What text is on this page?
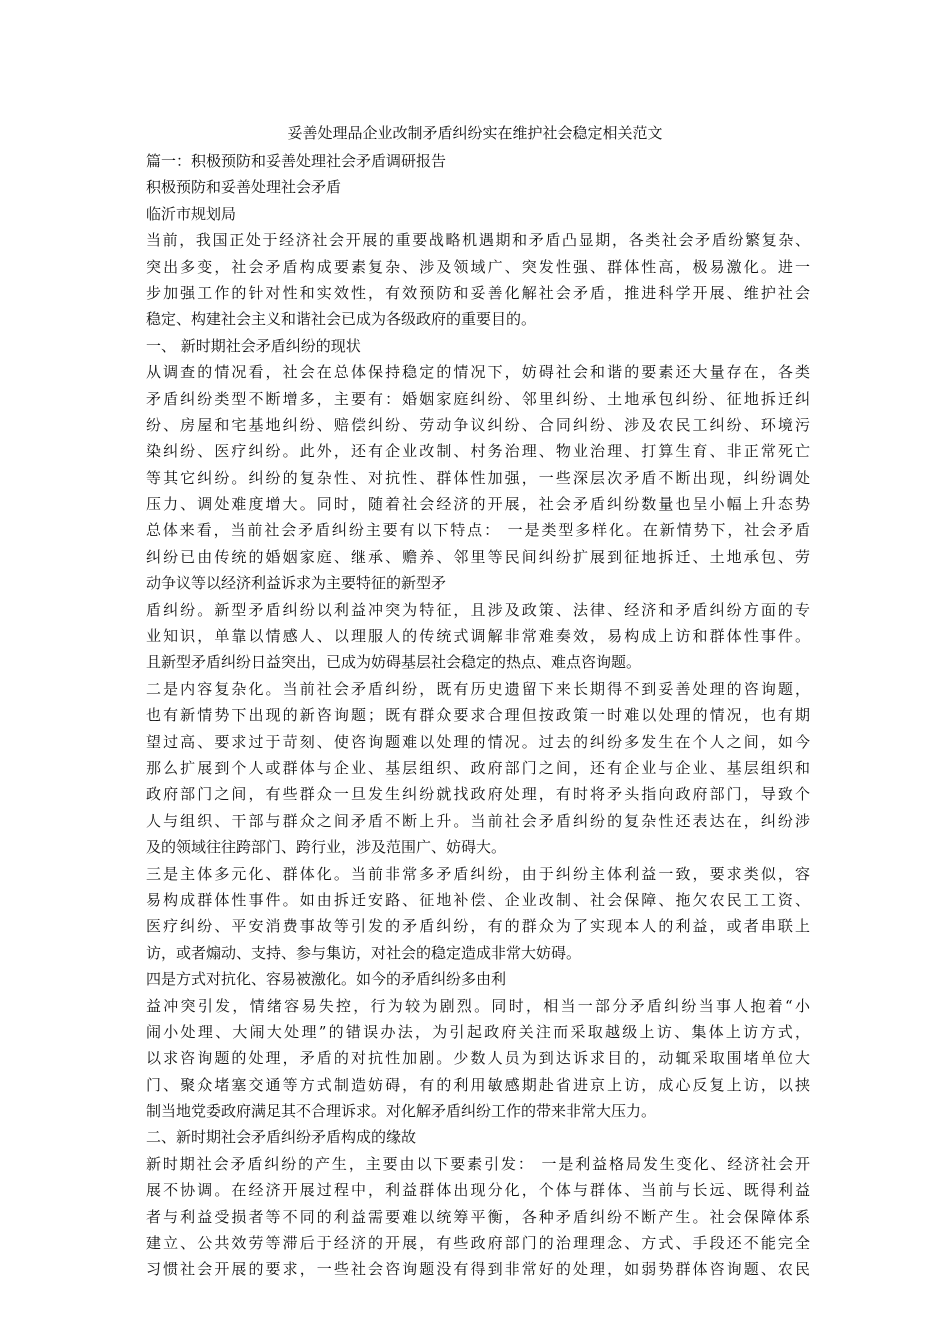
妥善处理品企业改制矛盾纠纷实在维护社会稳定相关范文
篇一：积极预防和妥善处理社会矛盾调研报告
积极预防和妥善处理社会矛盾
临沂市规划局
当前，我国正处于经济社会开展的重要战略机遇期和矛盾凸显期，各类社会矛盾纷繁复杂、
突出多变，社会矛盾构成要素复杂、涉及领域广、突发性强、群体性高，极易激化。进一
步加强工作的针对性和实效性，有效预防和妥善化解社会矛盾，推进科学开展、维护社会
稳定、构建社会主义和谐社会已成为各级政府的重要目的。
一、 新时期社会矛盾纠纷的现状
从调查的情况看，社会在总体保持稳定的情况下，妨碍社会和谐的要素还大量存在，各类
矛盾纠纷类型不断增多，主要有：婚姻家庭纠纷、邻里纠纷、土地承包纠纷、征地拆迁纠
纷、房屋和宅基地纠纷、赔偿纠纷、劳动争议纠纷、合同纠纷、涉及农民工纠纷、环境污
染纠纷、医疗纠纷。此外，还有企业改制、村务治理、物业治理、打算生育、非正常死亡
等其它纠纷。纠纷的复杂性、对抗性、群体性加强，一些深层次矛盾不断出现，纠纷调处
压力、调处难度增大。同时，随着社会经济的开展，社会矛盾纠纷数量也呈小幅上升态势
总体来看，当前社会矛盾纠纷主要有以下特点： 一是类型多样化。在新情势下，社会矛盾
纠纷已由传统的婚姻家庭、继承、赡养、邻里等民间纠纷扩展到征地拆迁、土地承包、劳
动争议等以经济利益诉求为主要特征的新型矛
盾纠纷。新型矛盾纠纷以利益冲突为特征，且涉及政策、法律、经济和矛盾纠纷方面的专
业知识，单靠以情感人、以理服人的传统式调解非常难奏效，易构成上访和群体性事件。
且新型矛盾纠纷日益突出，已成为妨碍基层社会稳定的热点、难点咨询题。
二是内容复杂化。当前社会矛盾纠纷，既有历史遗留下来长期得不到妥善处理的咨询题，
也有新情势下出现的新咨询题；既有群众要求合理但按政策一时难以处理的情况，也有期
望过高、要求过于苛刻、使咨询题难以处理的情况。过去的纠纷多发生在个人之间，如今
那么扩展到个人或群体与企业、基层组织、政府部门之间，还有企业与企业、基层组织和
政府部门之间，有些群众一旦发生纠纷就找政府处理，有时将矛头指向政府部门，导致个
人与组织、干部与群众之间矛盾不断上升。当前社会矛盾纠纷的复杂性还表达在，纠纷涉
及的领域往往跨部门、跨行业，涉及范围广、妨碍大。
三是主体多元化、群体化。当前非常多矛盾纠纷，由于纠纷主体利益一致，要求类似，容
易构成群体性事件。如由拆迁安路、征地补偿、企业改制、社会保障、拖欠农民工工资、
医疗纠纷、平安消费事故等引发的矛盾纠纷，有的群众为了实现本人的利益，或者串联上
访，或者煽动、支持、参与集访，对社会的稳定造成非常大妨碍。
四是方式对抗化、容易被激化。如今的矛盾纠纷多由利
益冲突引发，情绪容易失控，行为较为剧烈。同时，相当一部分矛盾纠纷当事人抱着“小
闹小处理、大闹大处理”的错误办法，为引起政府关注而采取越级上访、集体上访方式，
以求咨询题的处理，矛盾的对抗性加剧。少数人员为到达诉求目的，动辄采取围堵单位大
门、聚众堵塞交通等方式制造妨碍，有的利用敏感期赴省进京上访，成心反复上访，以挟
制当地党委政府满足其不合理诉求。对化解矛盾纠纷工作的带来非常大压力。
二、新时期社会矛盾纠纷矛盾构成的缘故
新时期社会矛盾纠纷的产生，主要由以下要素引发： 一是利益格局发生变化、经济社会开
展不协调。在经济开展过程中，利益群体出现分化，个体与群体、当前与长远、既得利益
者与利益受损者等不同的利益需要难以统筹平衡，各种矛盾纠纷不断产生。社会保障体系
建立、公共效劳等滞后于经济的开展，有些政府部门的治理理念、方式、手段还不能完全
习惯社会开展的要求，一些社会咨询题没有得到非常好的处理，如弱势群体咨询题、农民
